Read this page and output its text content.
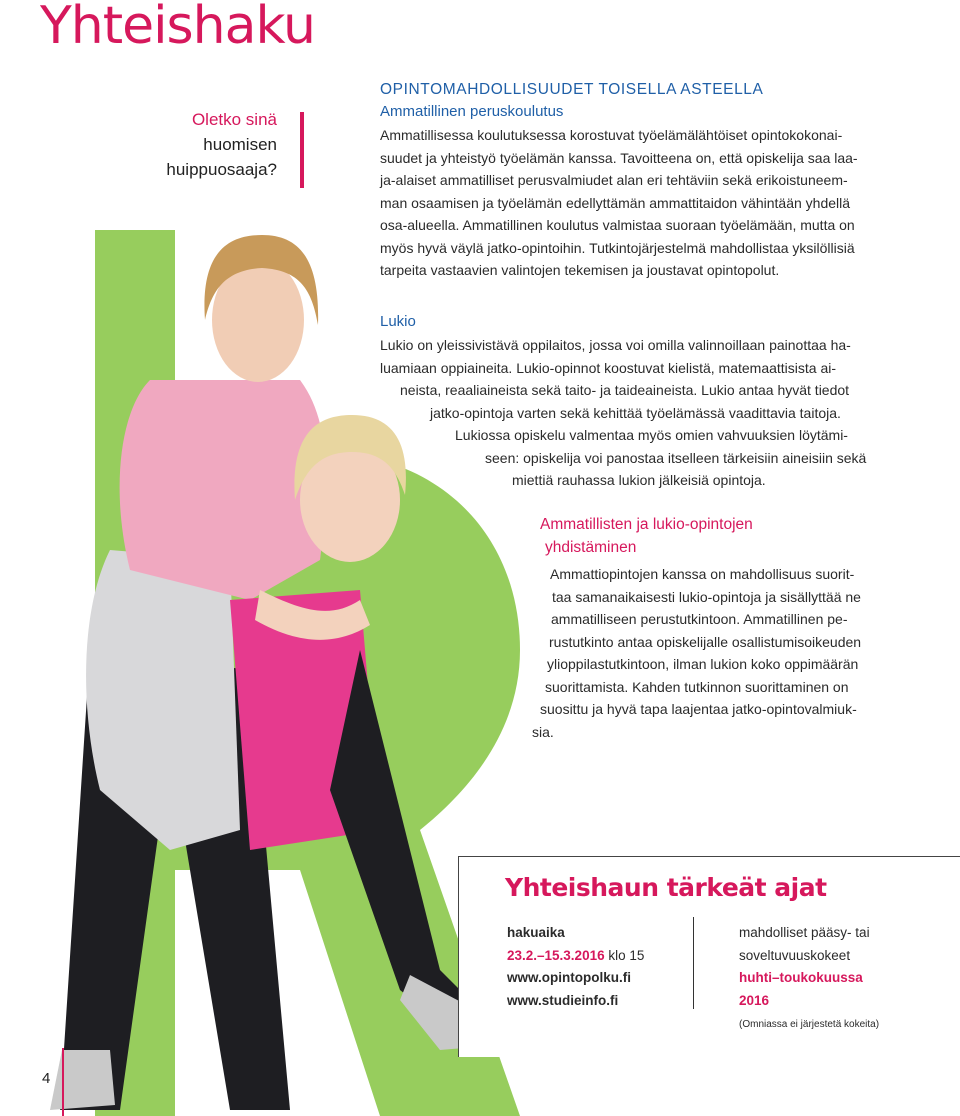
Yhteishaku
Oletko sinä
huomisen
huippuosaaja?
OPINTOMAHDOLLISUUDET TOISELLA ASTEELLA
Ammatillinen peruskoulutus
Ammatillisessa koulutuksessa korostuvat työelämälähtöiset opintokokonai-
suudet ja yhteistyö työelämän kanssa. Tavoitteena on, että opiskelija saa laa-
ja-alaiset ammatilliset perusvalmiudet alan eri tehtäviin sekä erikoistuneem-
man osaamisen ja työelämän edellyttämän ammattitaidon vähintään yhdellä
osa-alueella. Ammatillinen koulutus valmistaa suoraan työelämään, mutta on
myös hyvä väylä jatko-opintoihin. Tutkintojärjestelmä mahdollistaa yksilöllisiä
tarpeita vastaavien valintojen tekemisen ja joustavat opintopolut.
Lukio
Lukio on yleissivistävä oppilaitos, jossa voi omilla valinnoillaan painottaa ha-
luamiaan oppiaineita. Lukio-opinnot koostuvat kielistä, matemaattisista ai-
neista, reaaliaineista sekä taito- ja taideaineista. Lukio antaa hyvät tiedot
jatko-opintoja varten sekä kehittää työelämässä vaadittavia taitoja.
Lukiossa opiskelu valmentaa myös omien vahvuuksien löytämi-
seen: opiskelija voi panostaa itselleen tärkeisiin aineisiin sekä
miettiä rauhassa lukion jälkeisiä opintoja.
Ammatillisten ja lukio-opintojen
yhdistäminen
Ammattiopintojen kanssa on mahdollisuus suorit-
taa samanaikaisesti lukio-opintoja ja sisällyttää ne
ammatilliseen perustutkintoon. Ammatillinen pe-
rustutkinto antaa opiskelijalle osallistumisoikeuden
ylioppilastutkintoon, ilman lukion koko oppimäärän
suorittamista. Kahden tutkinnon suorittaminen on
suosittu ja hyvä tapa laajentaa jatko-opintovalmiuk-
sia.
Yhteishaun tärkeät ajat
hakuaika
23.2.–15.3.2016 klo 15
www.opintopolku.fi
www.studieinfo.fi
mahdolliset pääsy- tai
soveltuvuuskokeet
huhti–toukokuussa
2016
(Omniassa ei järjestetä kokeita)
4
